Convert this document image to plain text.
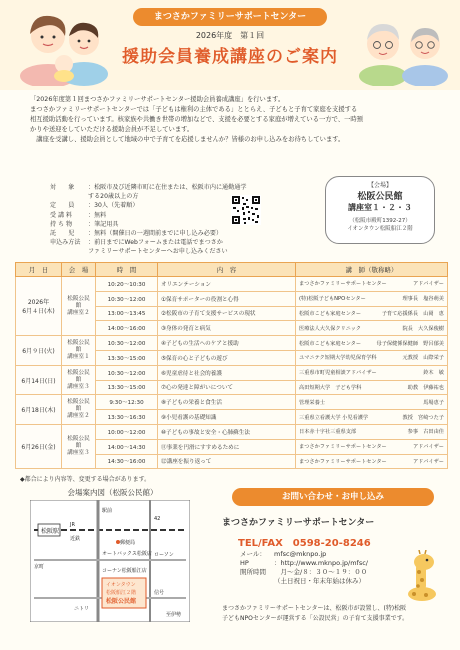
まつさかファミリーサポートセンター
2026年度　第１回
援助会員養成講座のご案内

「2026年度第１回まつさかファミリーサポートセンター援助会員養成講座」を行います。

まつさかファミリーサポートセンターでは「子どもは権利の主体である」ととらえ、子どもと子育て家庭を支援する

相互援助活動を行っています。核家族や共働き世帯の増加などで、支援を必要とする家庭が増えている一方で、一時預

かりや送迎をしていただける援助会員が不足しています。

　講座を受講し、援助会員として地域の中で子育てを応援しませんか？皆様のお申し込みをお待ちしています。

対　　象	：松阪市及び近隣市町に在住または、松阪市内に通勤通学
する20歳以上の方
定　　員	：30人（先着順）
受 講 料	：無料
持 ち 物	：筆記用具
託　　児	：無料（開催日の一週間前までに申し込み必要）
申込み方法	：前日までにWebフォームまたは電話でまつさか
ファミリーサポートセンターへお申し込みください
【会場】
松阪公民館
講座室１・２・３
（松阪市殿町1392-27）
イオンタウン松阪船江２階
月　日	会　場	時　間	内　容	講　師（敬称略）
2026年
6月４日(木)	松阪公民館
講座室２	10:20〜10:30	オリエンテーション	まつさかファミリーサポートセンター アドバイザー

		10:30〜12:00	①保育サポーターの役割と心得	(特)松阪子どもNPOセンター 理事長　塩谷萌美

		13:00〜13:45	②松阪市の子育て支援サービスの現状	松阪市こども家庭センター 子育て応援係長　山岡　恵

		14:00〜16:00	③身体の発育と病気	医療法人大久保クリニック 院長　大久保俊樹

6月９日(火)	松阪公民館
講座室１	10:30〜12:00	④子どもの生活へのケアと援助	松阪市こども家庭センター 母子保健係保健師　野呂郁美

		13:30〜15:00	⑤保育の心と子どもの遊び	ユマニテク短期大学幼児保育学科 元教授　山際栄子

6月14日(日)	松阪公民館
講座室３	10:30〜12:00	⑥児童虐待と社会的養護	三重県市町児童相談アドバイザー 鈴木　敏

		13:30〜15:00	⑦心の発達と障がいについて	高田短期大学　子ども学科 助教　伊藤祐也

6月18日(木)	松阪公民館
講座室２	9:30〜12:30	⑧子どもの栄養と食生活	管理栄養士 馬場恵子

		13:30〜16:30	⑨小児看護の基礎知識	三重県立看護大学 小児看護学 教授　宮崎つた子

6月26日(金)	松阪公民館
講座室３	10:00〜12:00	⑩子どもの事故と安全・心肺蘇生法	日本赤十字社三重県支部 参事　古田由佳

		14:00〜14:30	⑪事業を円滑にすすめるために	まつさかファミリーサポートセンター アドバイザー

		14:30〜16:00	⑫講座を振り返って	まつさかファミリーサポートセンター アドバイザー
◆都合により内容等、変更する場合があります。
会場案内図（松阪公民館）
松阪駅
JR
近鉄
駅前
郵便局
オートバックス松阪店 ローソン
コーナン松阪船江店
ニトリ
京町
信号
至伊勢
42
イオンタウン
松阪船江２階
松阪公民館
お問い合わせ・お申し込み
まつさかファミリーサポートセンター
TEL/FAX　0598-20-8246
メール：	mfsc@mknpo.jp
HP	：http://www.mknpo.jp/mfsc/
開所時間	　月〜金/８：３０〜１９：００
（土日祝日・年末年始は休み）

まつさかファミリーサポートセンターは、松阪市が設置し、(特)松阪

子どもNPOセンターが運営する「公設民営」の子育て支援事業です。
